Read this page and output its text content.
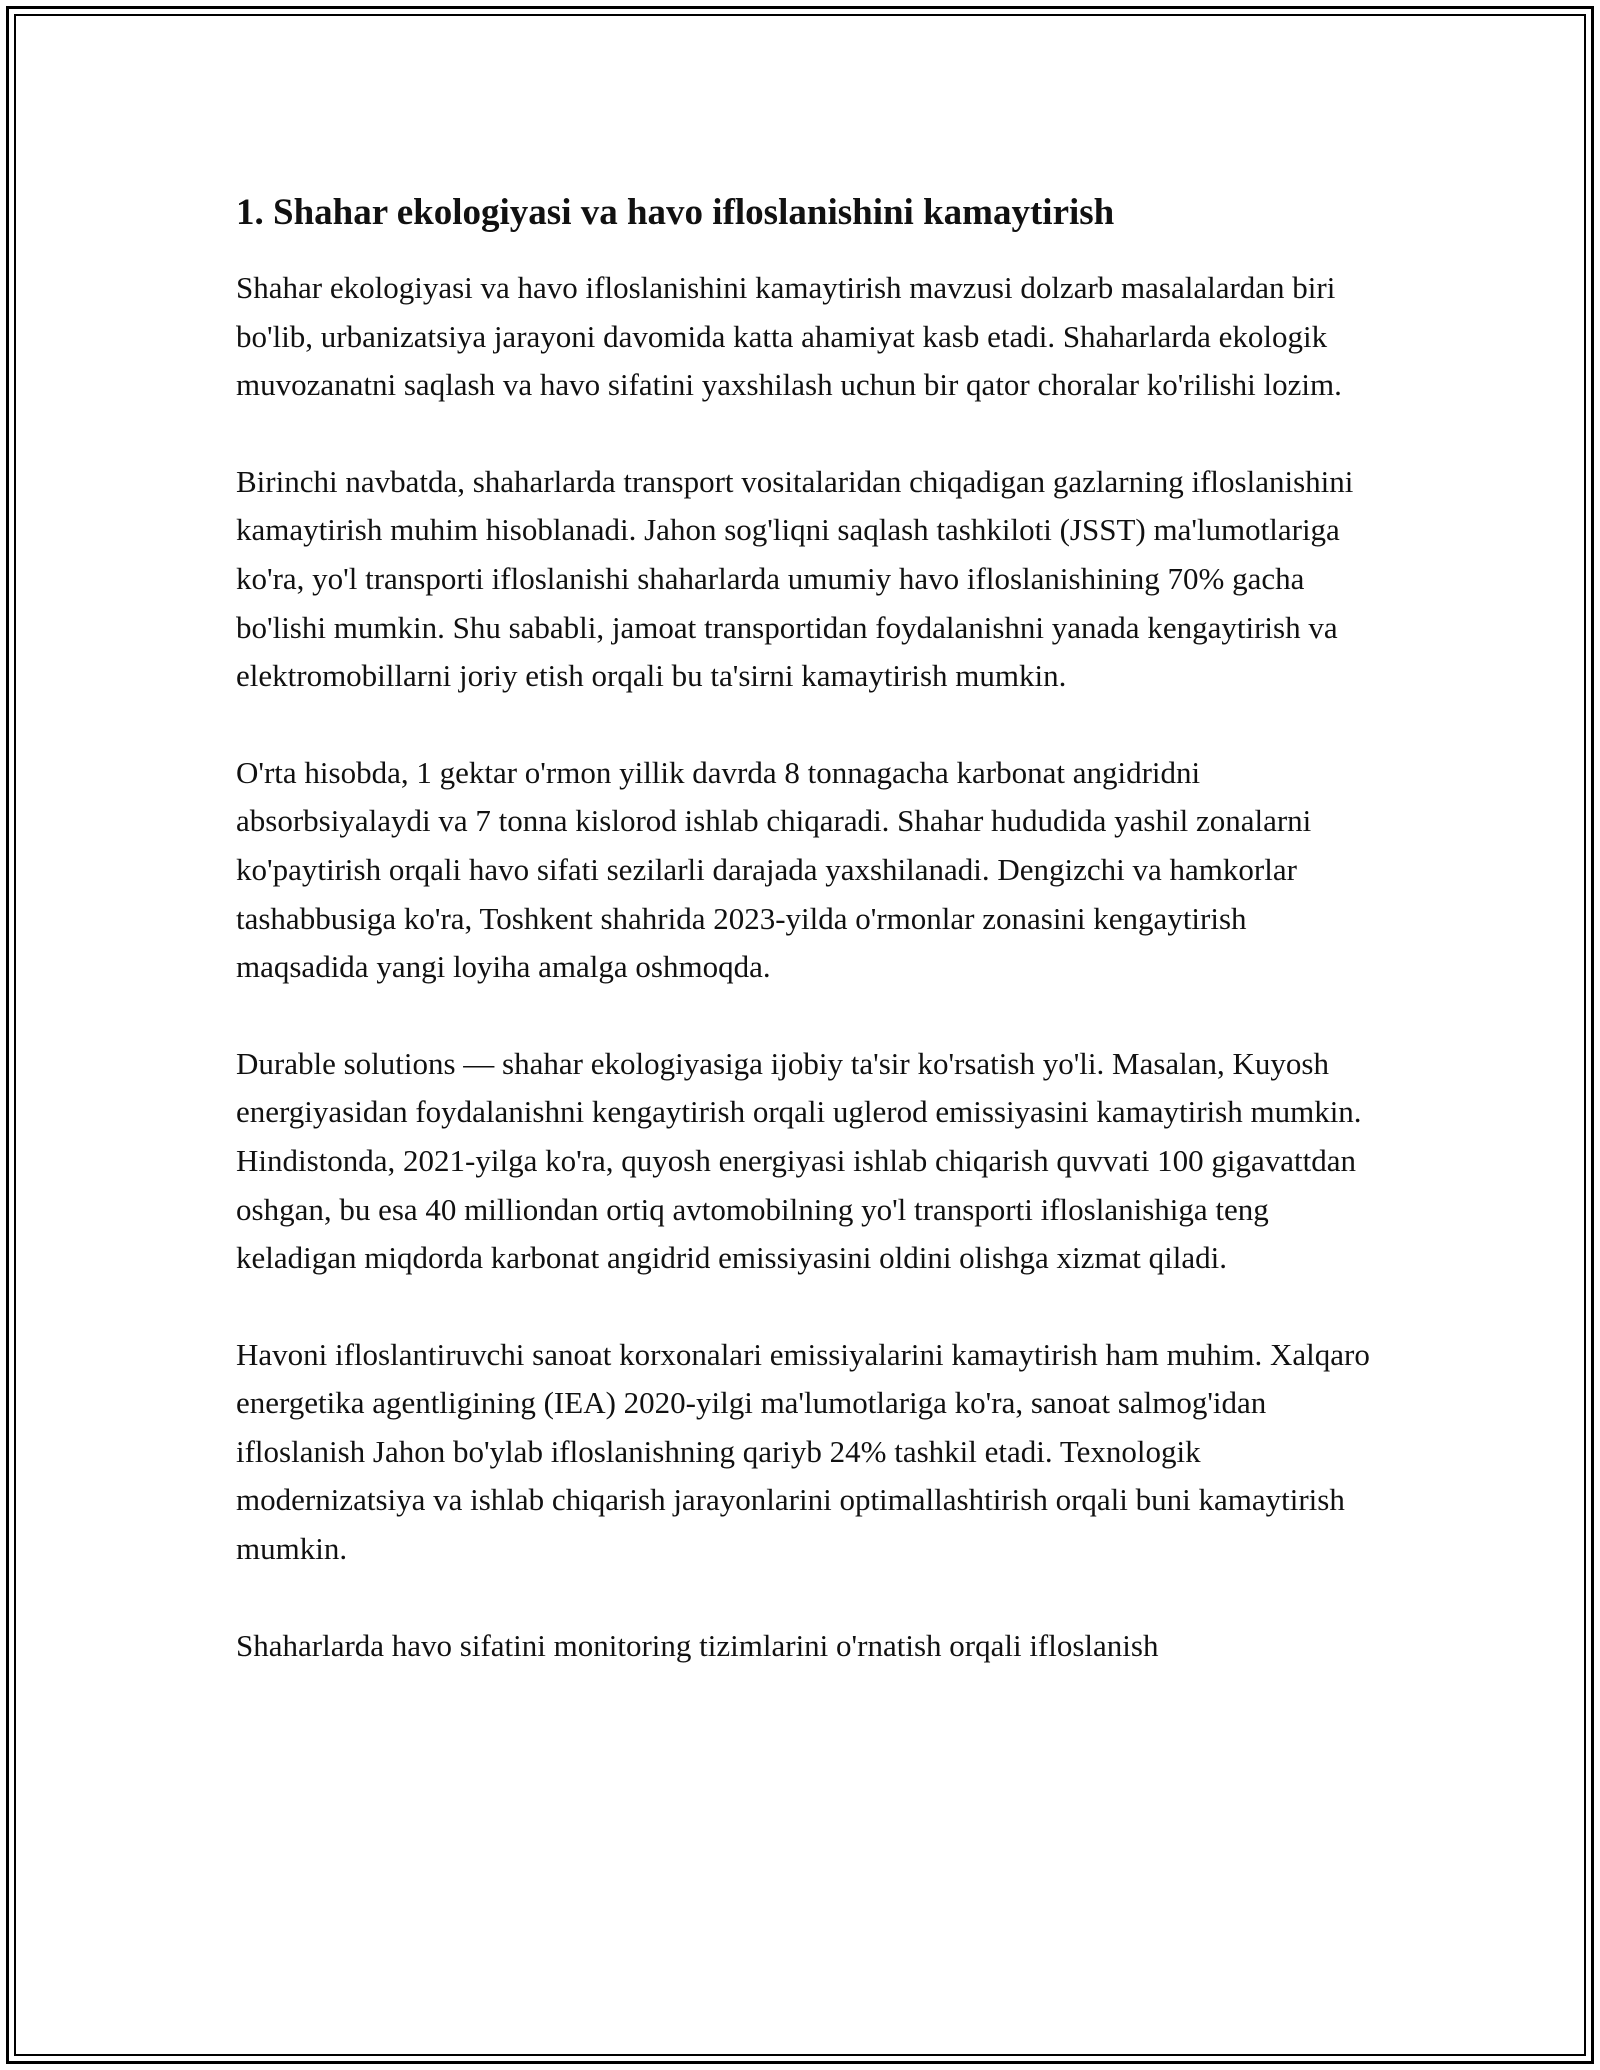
1. Shahar ekologiyasi va havo ifloslanishini kamaytirish

Shahar ekologiyasi va havo ifloslanishini kamaytirish mavzusi dolzarb masalalardan biri bo'lib, urbanizatsiya jarayoni davomida katta ahamiyat kasb etadi. Shaharlarda ekologik muvozanatni saqlash va havo sifatini yaxshilash uchun bir qator choralar ko'rilishi lozim.

Birinchi navbatda, shaharlarda transport vositalaridan chiqadigan gazlarning ifloslanishini kamaytirish muhim hisoblanadi. Jahon sog'liqni saqlash tashkiloti (JSST) ma'lumotlariga ko'ra, yo'l transporti ifloslanishi shaharlarda umumiy havo ifloslanishining 70% gacha bo'lishi mumkin. Shu sababli, jamoat transportidan foydalanishni yanada kengaytirish va elektromobillarni joriy etish orqali bu ta'sirni kamaytirish mumkin.

O'rta hisobda, 1 gektar o'rmon yillik davrda 8 tonnagacha karbonat angidridni absorbsiyalaydi va 7 tonna kislorod ishlab chiqaradi. Shahar hududida yashil zonalarni ko'paytirish orqali havo sifati sezilarli darajada yaxshilanadi. Dengizchi va hamkorlar tashabbusiga ko'ra, Toshkent shahrida 2023-yilda o'rmonlar zonasini kengaytirish maqsadida yangi loyiha amalga oshmoqda.

Durable solutions — shahar ekologiyasiga ijobiy ta'sir ko'rsatish yo'li. Masalan, Kuyosh energiyasidan foydalanishni kengaytirish orqali uglerod emissiyasini kamaytirish mumkin. Hindistonda, 2021-yilga ko'ra, quyosh energiyasi ishlab chiqarish quvvati 100 gigavattdan oshgan, bu esa 40 milliondan ortiq avtomobilning yo'l transporti ifloslanishiga teng keladigan miqdorda karbonat angidrid emissiyasini oldini olishga xizmat qiladi.

Havoni ifloslantiruvchi sanoat korxonalari emissiyalarini kamaytirish ham muhim. Xalqaro energetika agentligining (IEA) 2020-yilgi ma'lumotlariga ko'ra, sanoat salmog'idan ifloslanish Jahon bo'ylab ifloslanishning qariyb 24% tashkil etadi. Texnologik modernizatsiya va ishlab chiqarish jarayonlarini optimallashtirish orqali buni kamaytirish mumkin.

Shaharlarda havo sifatini monitoring tizimlarini o'rnatish orqali ifloslanish
